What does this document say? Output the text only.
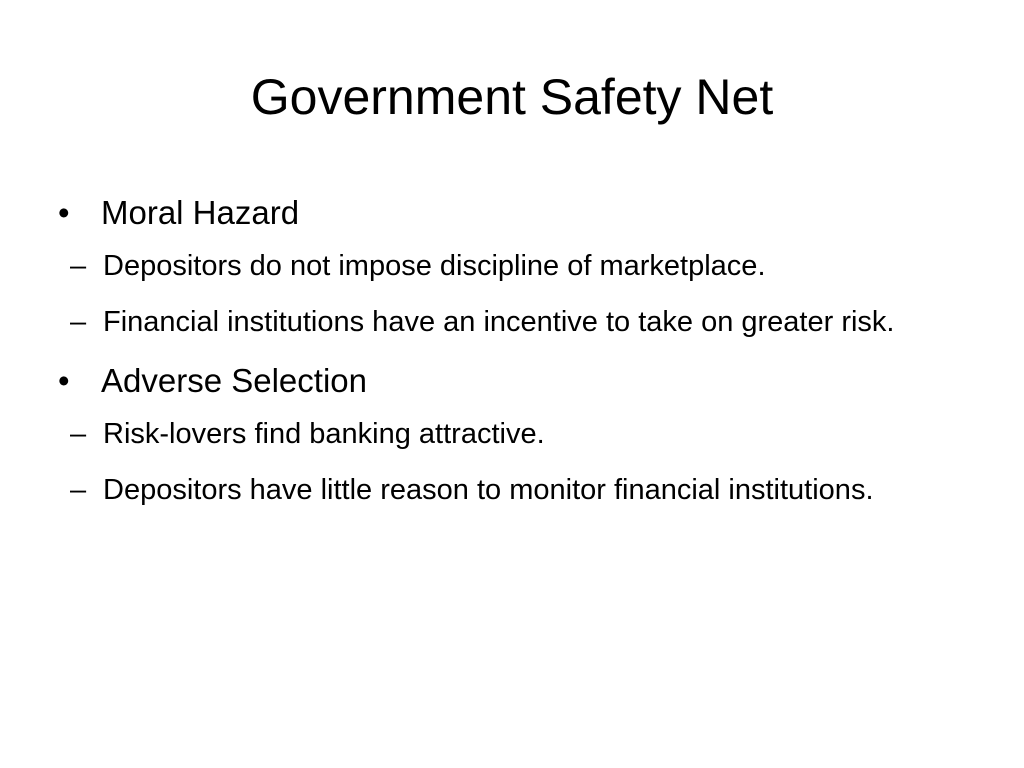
Government Safety Net
• Moral Hazard
– Depositors do not impose discipline of marketplace.
– Financial institutions have an incentive to take on greater risk.
• Adverse Selection
– Risk-lovers find banking attractive.
– Depositors have little reason to monitor financial institutions.
